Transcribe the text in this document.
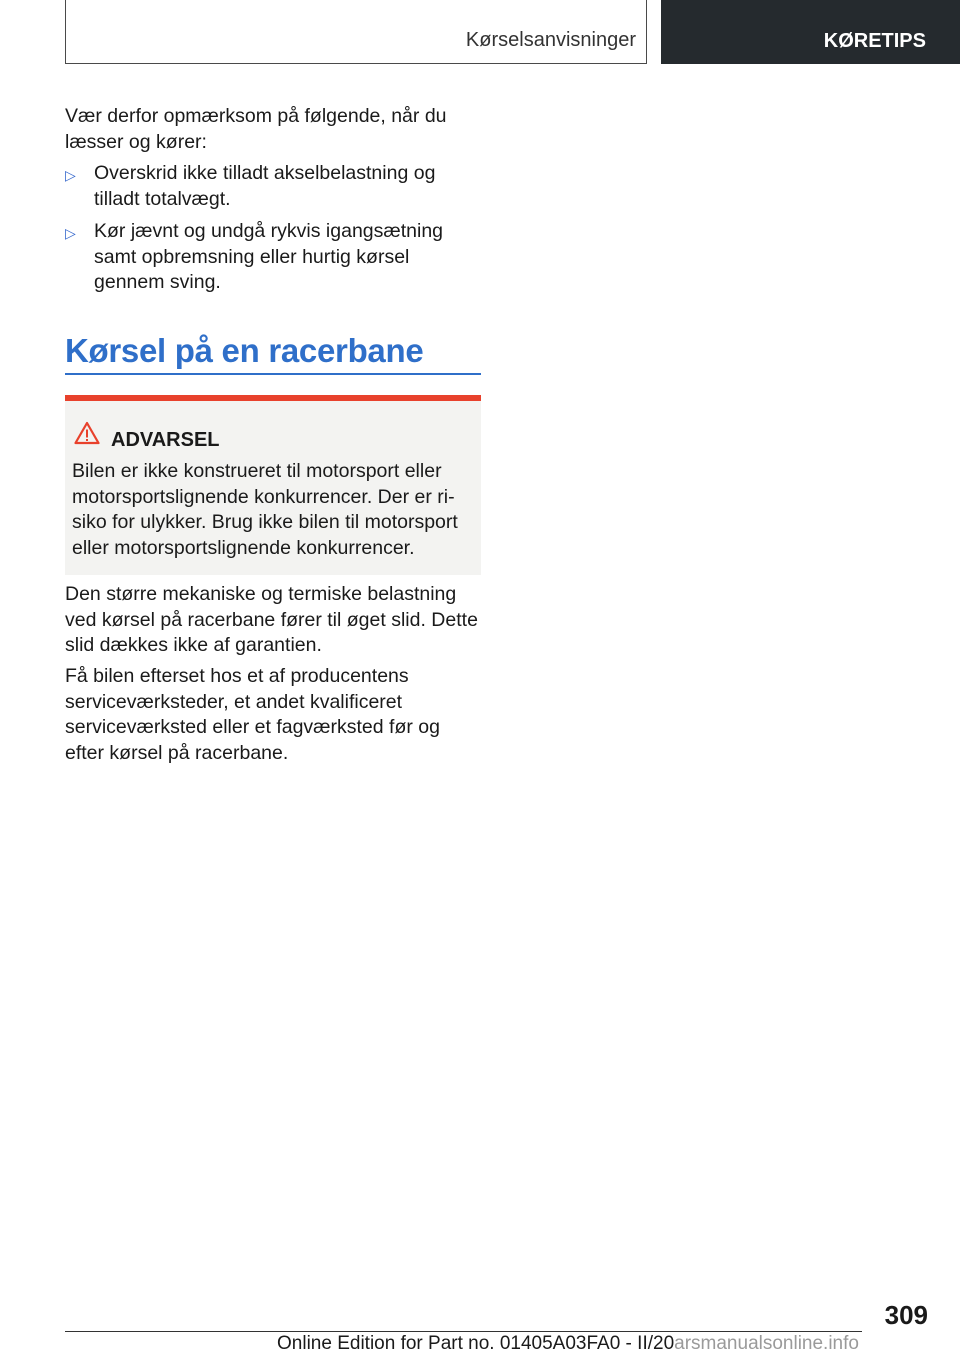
Kørselsanvisninger	KØRETIPS

Vær derfor opmærksom på følgende, når du læsser og kører:

▷ Overskrid ikke tilladt akselbelastning og tilladt totalvægt.
▷ Kør jævnt og undgå rykvis igangsætning samt opbremsning eller hurtig kørsel gennem sving.
Kørsel på en racerbane
ADVARSEL

Bilen er ikke konstrueret til motorsport eller motorsportslignende konkurrencer. Der er risiko for ulykker. Brug ikke bilen til motorsport eller motorsportslignende konkurrencer.

Den større mekaniske og termiske belastning ved kørsel på racerbane fører til øget slid. Dette slid dækkes ikke af garantien.

Få bilen efterset hos et af producentens serviceværksteder, et andet kvalificeret serviceværksted eller et fagværksted før og efter kørsel på racerbane.

309
Online Edition for Part no. 01405A03FA0 - II/20arsmanualsonline.info
